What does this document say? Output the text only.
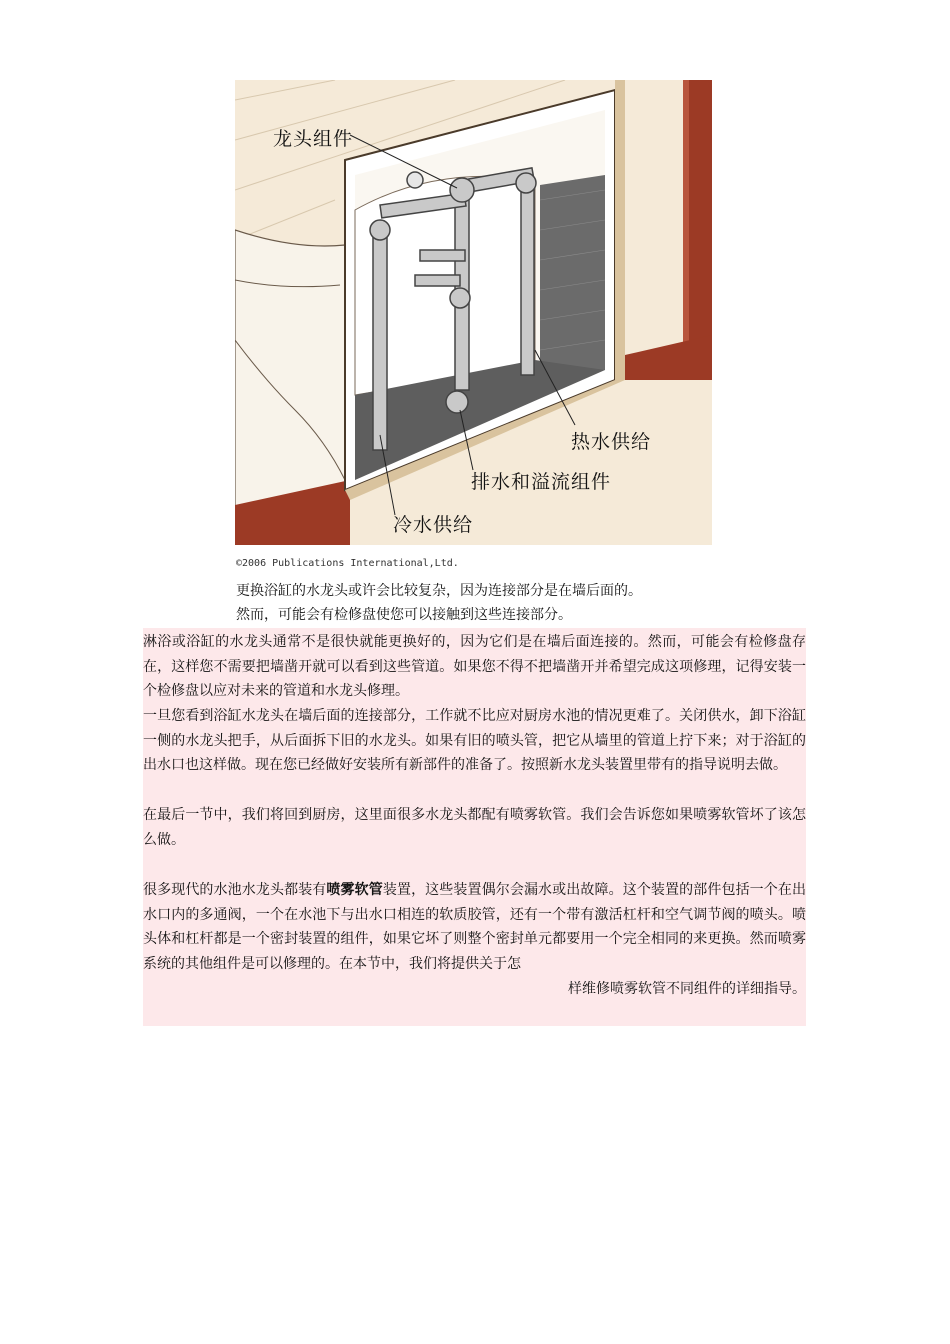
龙头组件
热水供给
排水和溢流组件
冷水供给
©2006 Publications International,Ltd.
更换浴缸的水龙头或许会比较复杂，因为连接部分是在墙后面的。
然而，可能会有检修盘使您可以接触到这些连接部分。
淋浴或浴缸的水龙头通常不是很快就能更换好的，因为它们是在墙后面连接的。然而，可能会有检修盘存在，这样您不需要把墙凿开就可以看到这些管道。如果您不得不把墙凿开并希望完成这项修理，记得安装一个检修盘以应对未来的管道和水龙头修理。
一旦您看到浴缸水龙头在墙后面的连接部分，工作就不比应对厨房水池的情况更难了。关闭供水，卸下浴缸一侧的水龙头把手，从后面拆下旧的水龙头。如果有旧的喷头管，把它从墙里的管道上拧下来；对于浴缸的出水口也这样做。现在您已经做好安装所有新部件的准备了。按照新水龙头装置里带有的指导说明去做。
在最后一节中，我们将回到厨房，这里面很多水龙头都配有喷雾软管。我们会告诉您如果喷雾软管坏了该怎么做。
很多现代的水池水龙头都装有喷雾软管装置，这些装置偶尔会漏水或出故障。这个装置的部件包括一个在出水口内的多通阀，一个在水池下与出水口相连的软质胶管，还有一个带有激活杠杆和空气调节阀的喷头。喷头体和杠杆都是一个密封装置的组件，如果它坏了则整个密封单元都要用一个完全相同的来更换。然而喷雾系统的其他组件是可以修理的。在本节中，我们将提供关于怎
样维修喷雾软管不同组件的详细指导。
